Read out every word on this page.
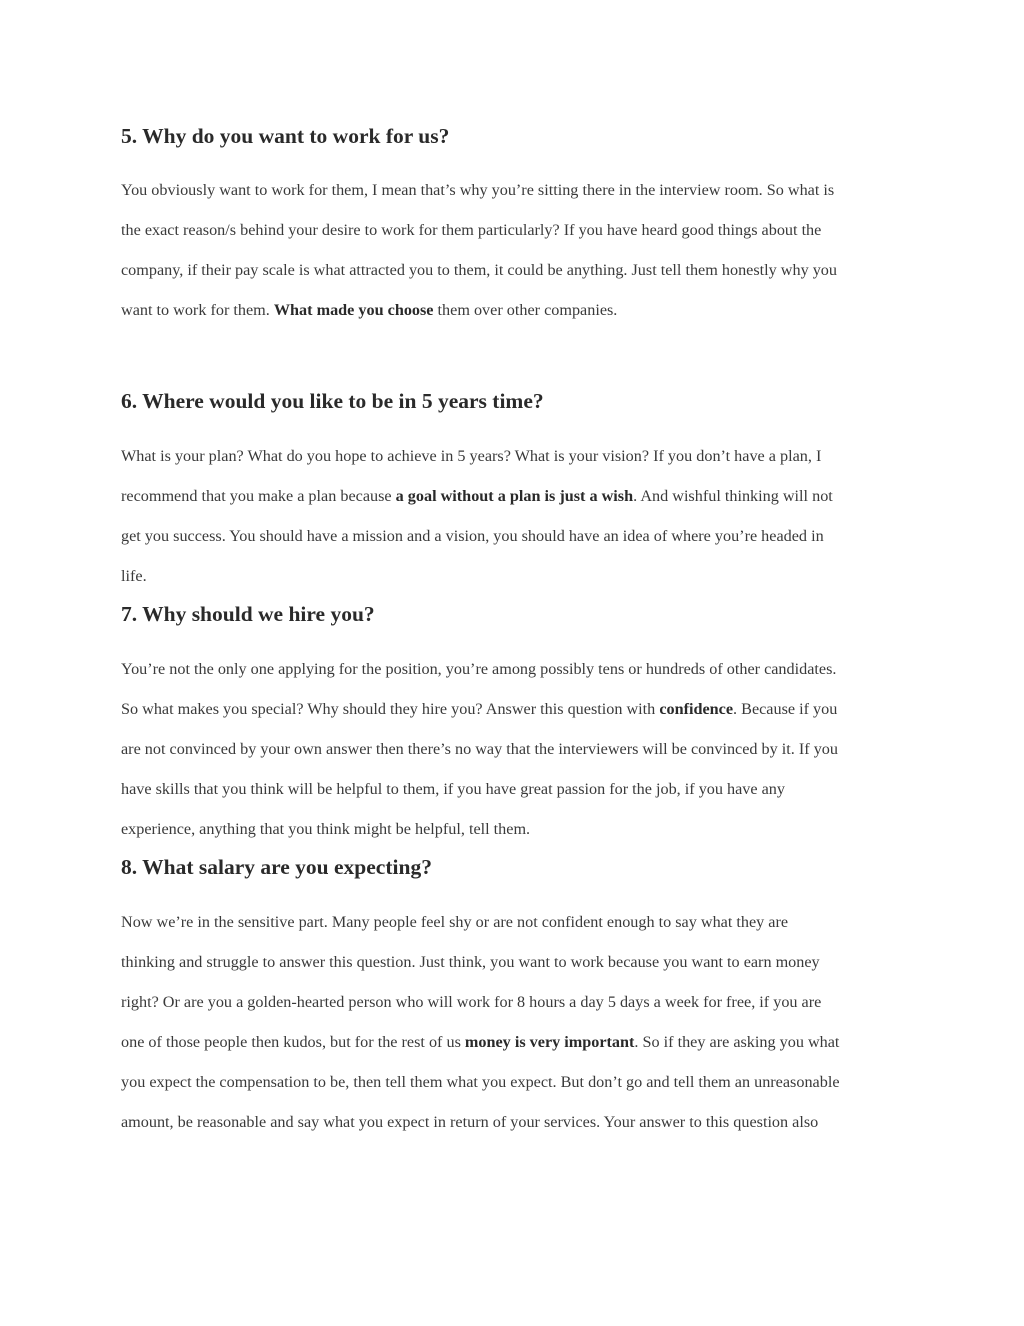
5. Why do you want to work for us?

You obviously want to work for them, I mean that’s why you’re sitting there in the interview room. So what is

the exact reason/s behind your desire to work for them particularly? If you have heard good things about the

company, if their pay scale is what attracted you to them, it could be anything. Just tell them honestly why you

want to work for them. What made you choose them over other companies.

6. Where would you like to be in 5 years time?

What is your plan? What do you hope to achieve in 5 years? What is your vision? If you don’t have a plan, I

recommend that you make a plan because a goal without a plan is just a wish. And wishful thinking will not

get you success. You should have a mission and a vision, you should have an idea of where you’re headed in

life.

7. Why should we hire you?

You’re not the only one applying for the position, you’re among possibly tens or hundreds of other candidates.

So what makes you special? Why should they hire you? Answer this question with confidence. Because if you

are not convinced by your own answer then there’s no way that the interviewers will be convinced by it. If you

have skills that you think will be helpful to them, if you have great passion for the job, if you have any

experience, anything that you think might be helpful, tell them.

8. What salary are you expecting?

Now we’re in the sensitive part. Many people feel shy or are not confident enough to say what they are

thinking and struggle to answer this question. Just think, you want to work because you want to earn money

right? Or are you a golden-hearted person who will work for 8 hours a day 5 days a week for free, if you are

one of those people then kudos, but for the rest of us money is very important. So if they are asking you what

you expect the compensation to be, then tell them what you expect. But don’t go and tell them an unreasonable

amount, be reasonable and say what you expect in return of your services. Your answer to this question also
